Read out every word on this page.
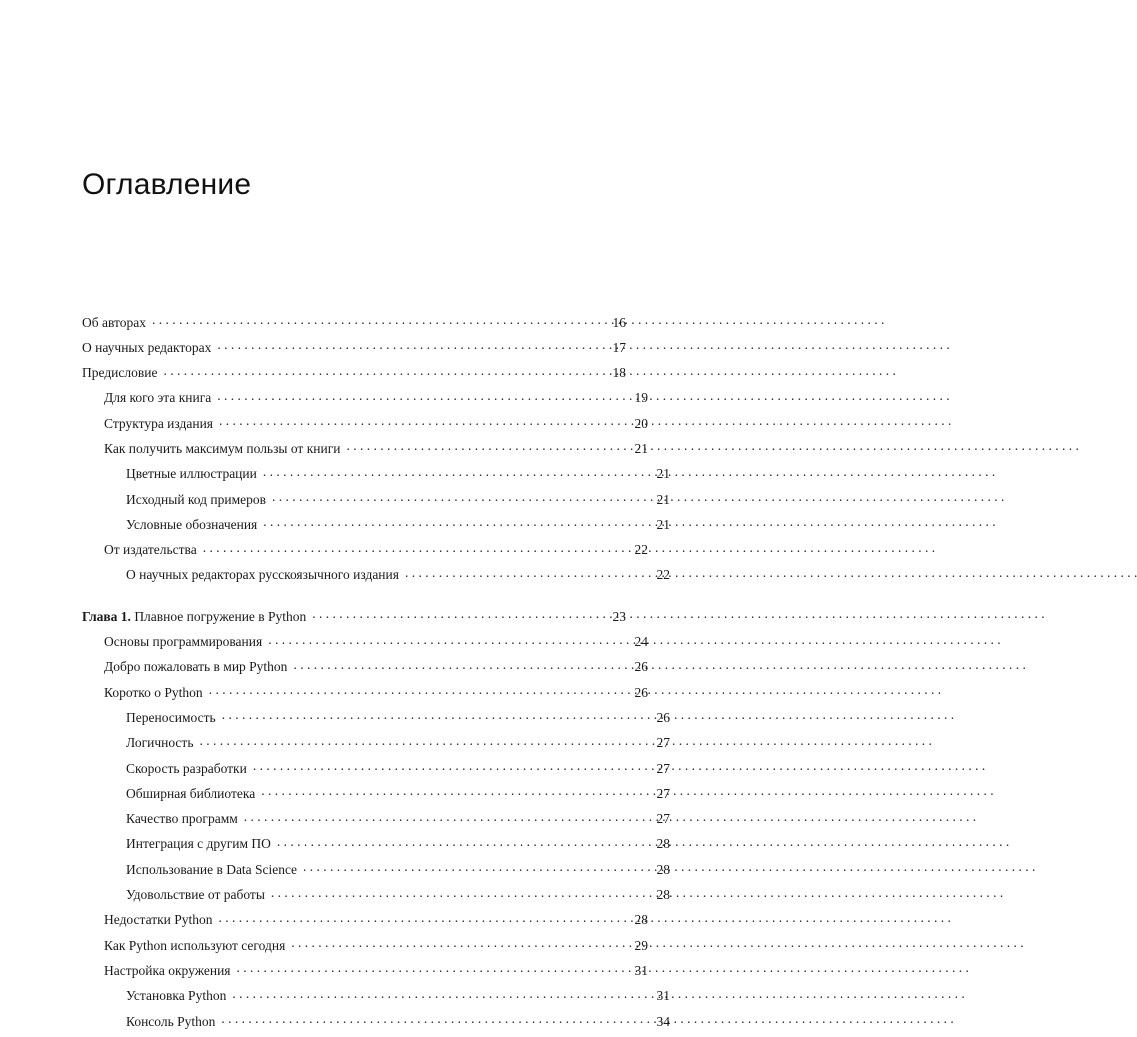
Оглавление
Об авторах . . .	16
О научных редакторах . . .	17
Предисловие . . .	18
Для кого эта книга . . .	19
Структура издания . . .	20
Как получить максимум пользы от книги . . .	21
Цветные иллюстрации . . .	21
Исходный код примеров . . .	21
Условные обозначения . . .	21
От издательства . . .	22
О научных редакторах русскоязычного издания . . .	22
Глава 1. Плавное погружение в Python . . .	23
Основы программирования . . .	24
Добро пожаловать в мир Python . . .	26
Коротко о Python . . .	26
Переносимость . . .	26
Логичность . . .	27
Скорость разработки . . .	27
Обширная библиотека . . .	27
Качество программ . . .	27
Интеграция с другим ПО . . .	28
Использование в Data Science . . .	28
Удовольствие от работы . . .	28
Недостатки Python . . .	28
Как Python используют сегодня . . .	29
Настройка окружения . . .	31
Установка Python . . .	31
Консоль Python . . .	34
